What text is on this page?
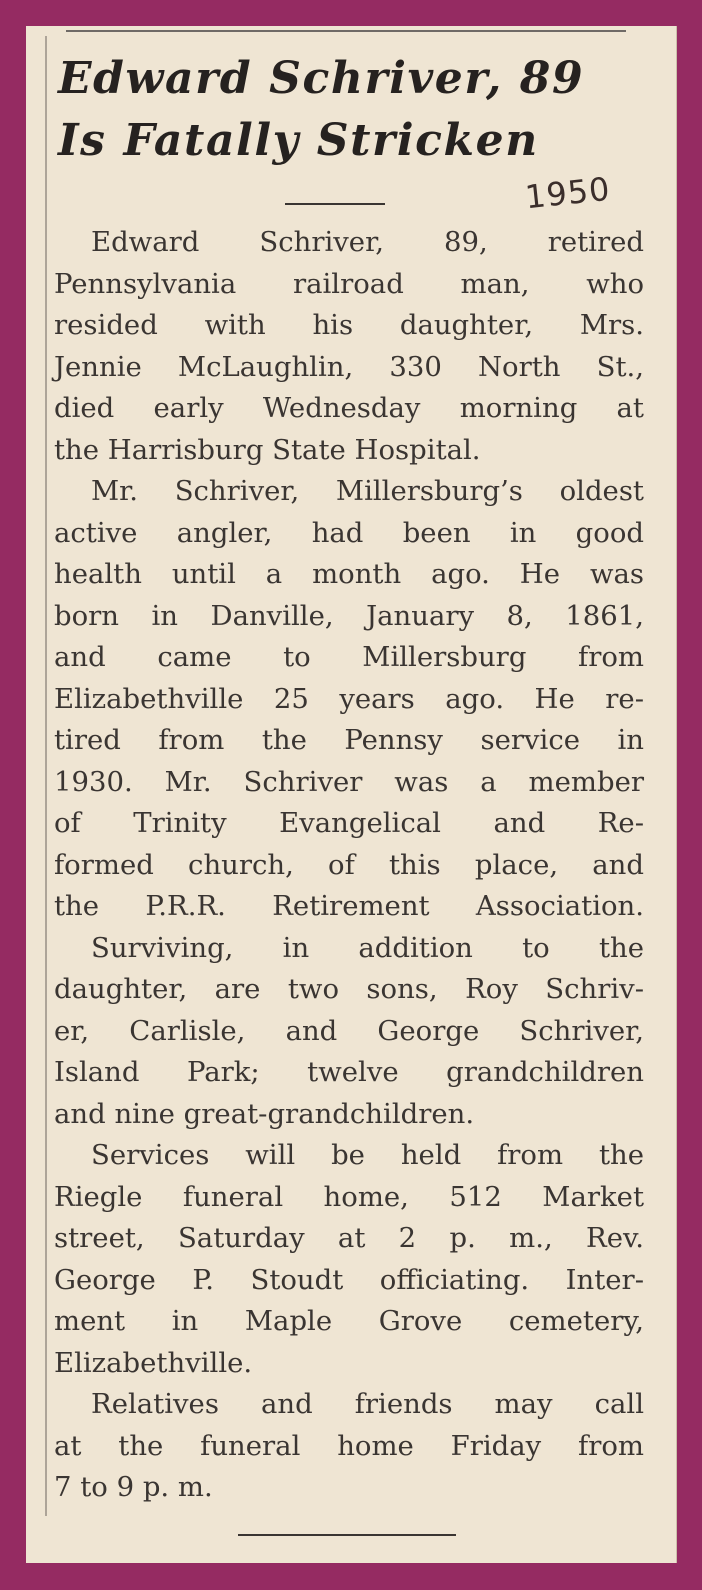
Edward Schriver, 89
Is Fatally Stricken
1950

Edward Schriver, 89, retired
Pennsylvania railroad man, who
resided with his daughter, Mrs.
Jennie McLaughlin, 330 North St.,
died early Wednesday morning at
the Harrisburg State Hospital.

Mr. Schriver, Millersburg’s oldest
active angler, had been in good
health until a month ago. He was
born in Danville, January 8, 1861,
and came to Millersburg from
Elizabethville 25 years ago. He re-
tired from the Pennsy service in
1930. Mr. Schriver was a member
of Trinity Evangelical and Re-
formed church, of this place, and
the P.R.R. Retirement Association.

Surviving, in addition to the
daughter, are two sons, Roy Schriv-
er, Carlisle, and George Schriver,
Island Park; twelve grandchildren
and nine great-grandchildren.

Services will be held from the
Riegle funeral home, 512 Market
street, Saturday at 2 p. m., Rev.
George P. Stoudt officiating. Inter-
ment in Maple Grove cemetery,
Elizabethville.

Relatives and friends may call
at the funeral home Friday from
7 to 9 p. m.
